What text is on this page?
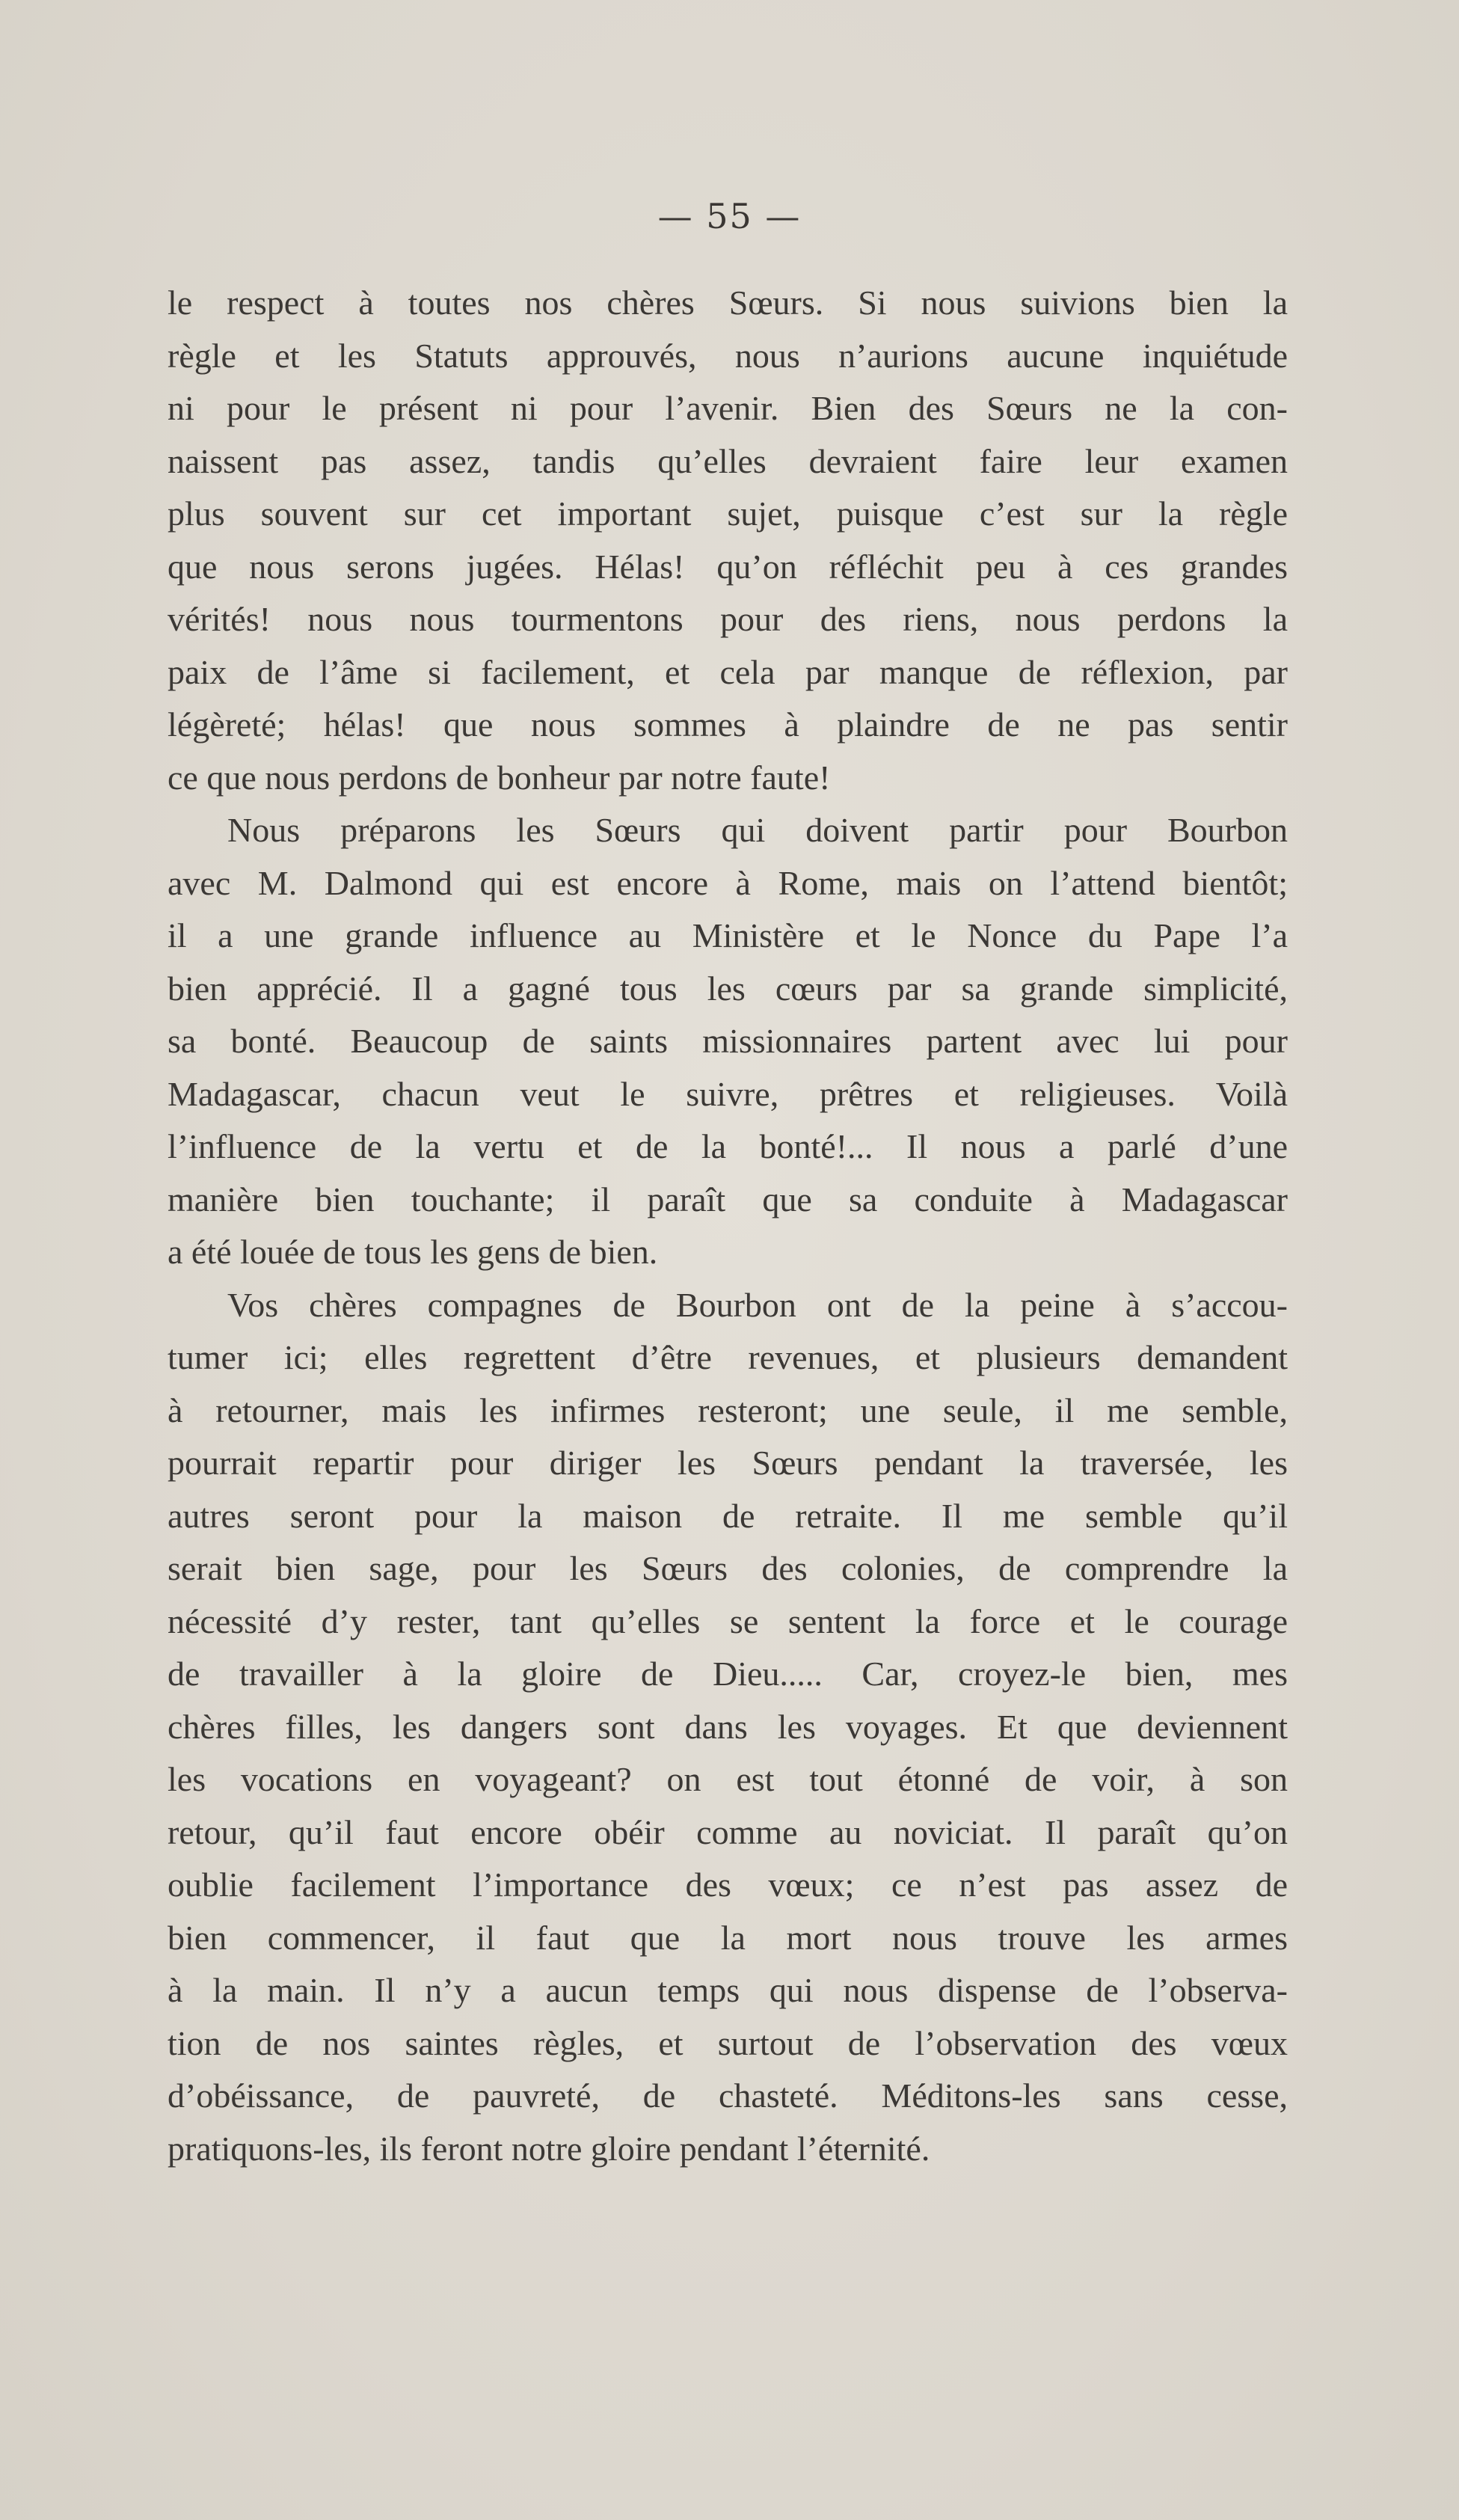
— 55 —
le respect à toutes nos chères Sœurs. Si nous suivions bien la
règle et les Statuts approuvés, nous n’aurions aucune inquiétude
ni pour le présent ni pour l’avenir. Bien des Sœurs ne la con-
naissent pas assez, tandis qu’elles devraient faire leur examen
plus souvent sur cet important sujet, puisque c’est sur la règle
que nous serons jugées. Hélas! qu’on réfléchit peu à ces grandes
vérités! nous nous tourmentons pour des riens, nous perdons la
paix de l’âme si facilement, et cela par manque de réflexion, par
légèreté; hélas! que nous sommes à plaindre de ne pas sentir
ce que nous perdons de bonheur par notre faute!
Nous préparons les Sœurs qui doivent partir pour Bourbon
avec M. Dalmond qui est encore à Rome, mais on l’attend bientôt;
il a une grande influence au Ministère et le Nonce du Pape l’a
bien apprécié. Il a gagné tous les cœurs par sa grande simplicité,
sa bonté. Beaucoup de saints missionnaires partent avec lui pour
Madagascar, chacun veut le suivre, prêtres et religieuses. Voilà
l’influence de la vertu et de la bonté!... Il nous a parlé d’une
manière bien touchante; il paraît que sa conduite à Madagascar
a été louée de tous les gens de bien.
Vos chères compagnes de Bourbon ont de la peine à s’accou-
tumer ici; elles regrettent d’être revenues, et plusieurs demandent
à retourner, mais les infirmes resteront; une seule, il me semble,
pourrait repartir pour diriger les Sœurs pendant la traversée, les
autres seront pour la maison de retraite. Il me semble qu’il
serait bien sage, pour les Sœurs des colonies, de comprendre la
nécessité d’y rester, tant qu’elles se sentent la force et le courage
de travailler à la gloire de Dieu..... Car, croyez-le bien, mes
chères filles, les dangers sont dans les voyages. Et que deviennent
les vocations en voyageant? on est tout étonné de voir, à son
retour, qu’il faut encore obéir comme au noviciat. Il paraît qu’on
oublie facilement l’importance des vœux; ce n’est pas assez de
bien commencer, il faut que la mort nous trouve les armes
à la main. Il n’y a aucun temps qui nous dispense de l’observa-
tion de nos saintes règles, et surtout de l’observation des vœux
d’obéissance, de pauvreté, de chasteté. Méditons-les sans cesse,
pratiquons-les, ils feront notre gloire pendant l’éternité.
